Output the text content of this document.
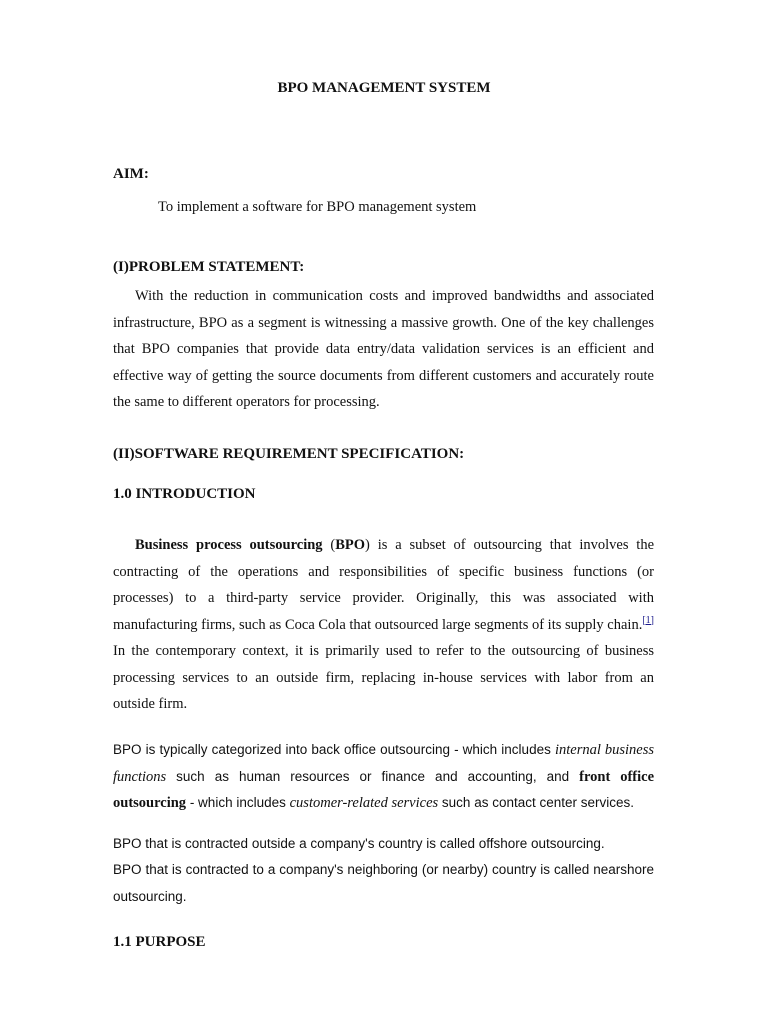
BPO MANAGEMENT SYSTEM
AIM:
To implement a software for BPO management system
(I)PROBLEM STATEMENT:
With the reduction in communication costs and improved bandwidths and associated infrastructure, BPO as a segment is witnessing a massive growth. One of the key challenges that BPO companies that provide data entry/data validation services is an efficient and effective way of getting the source documents from different customers and accurately route the same to different operators for processing.
(II)SOFTWARE REQUIREMENT SPECIFICATION:
1.0 INTRODUCTION
Business process outsourcing (BPO) is a subset of outsourcing that involves the contracting of the operations and responsibilities of specific business functions (or processes) to a third-party service provider. Originally, this was associated with manufacturing firms, such as Coca Cola that outsourced large segments of its supply chain.[1] In the contemporary context, it is primarily used to refer to the outsourcing of business processing services to an outside firm, replacing in-house services with labor from an outside firm.
BPO is typically categorized into back office outsourcing - which includes internal business functions such as human resources or finance and accounting, and front office outsourcing - which includes customer-related services such as contact center services.
BPO that is contracted outside a company's country is called offshore outsourcing.
BPO that is contracted to a company's neighboring (or nearby) country is called nearshore outsourcing.
1.1 PURPOSE
